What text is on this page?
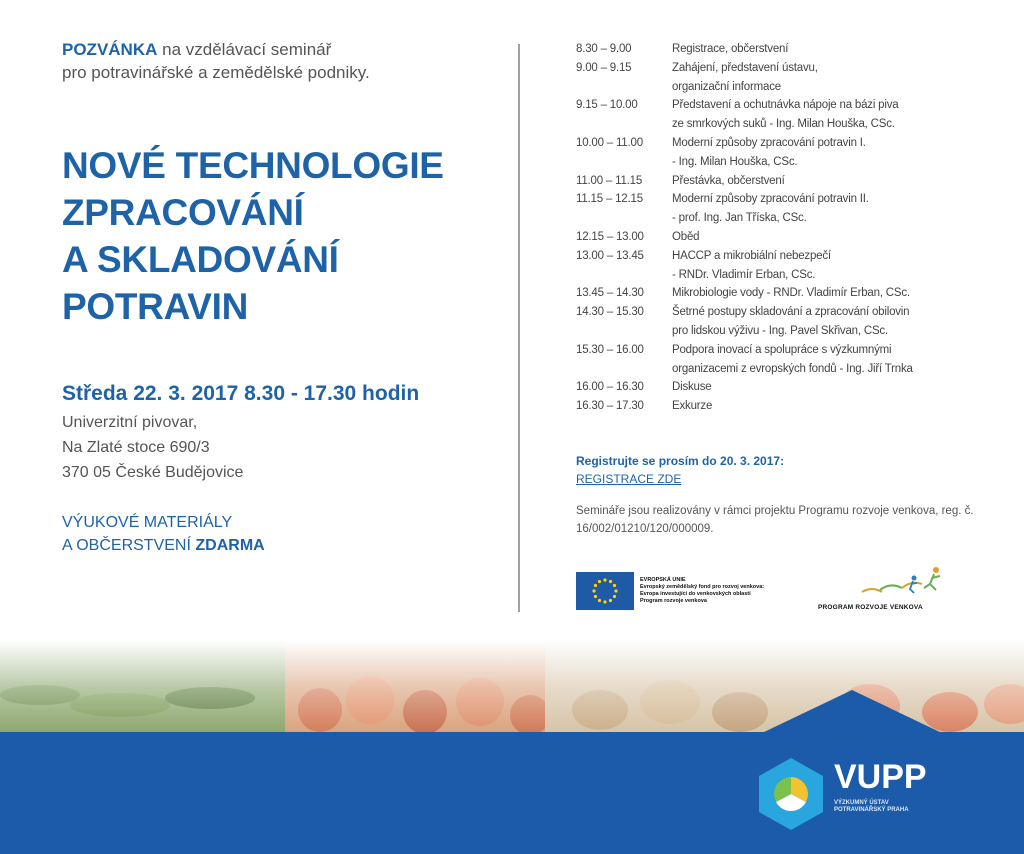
POZVÁNKA na vzdělávací seminář
pro potravinářské a zemědělské podniky.

NOVÉ TECHNOLOGIE
ZPRACOVÁNÍ
A SKLADOVÁNÍ
POTRAVIN
Středa 22. 3. 2017 8.30 - 17.30 hodin
Univerzitní pivovar,
Na Zlaté stoce 690/3
370 05 České Budějovice
VÝUKOVÉ MATERIÁLY
A OBČERSTVENÍ ZDARMA
8.30 – 9.00	Registrace, občerstvení
9.00 – 9.15	Zahájení, představení ústavu,
organizační informace
9.15 – 10.00	Představení a ochutnávka nápoje na bázi piva
ze smrkových suků - Ing. Milan Houška, CSc.
10.00 – 11.00	Moderní způsoby zpracování potravin I.
- Ing. Milan Houška, CSc.
11.00 – 11.15	Přestávka, občerstvení
11.15 – 12.15	Moderní způsoby zpracování potravin II.
- prof. Ing. Jan Tříska, CSc.
12.15 – 13.00	Oběd
13.00 – 13.45	HACCP a mikrobiální nebezpečí
- RNDr. Vladimír Erban, CSc.
13.45 – 14.30	Mikrobiologie vody - RNDr. Vladimír Erban, CSc.
14.30 – 15.30	Šetrné postupy skladování a zpracování obilovin
pro lidskou výživu - Ing. Pavel Skřivan, CSc.
15.30 – 16.00	Podpora inovací a spolupráce s výzkumnými
organizacemi z evropských fondů - Ing. Jiří Trnka
16.00 – 16.30	Diskuse
16.30 – 17.30	Exkurze
Registrujte se prosím do 20. 3. 2017:
REGISTRACE ZDE
Semináře jsou realizovány v rámci projektu Programu rozvoje venkova, reg. č. 16/002/01210/120/000009.
EVROPSKÁ UNIE
Evropský zemědělský fond pro rozvoj venkova:
Evropa investující do venkovských oblastí
Program rozvoje venkova
PROGRAM ROZVOJE VENKOVA
VUPP
VÝZKUMNÝ ÚSTAV
POTRAVINÁŘSKÝ PRAHA
